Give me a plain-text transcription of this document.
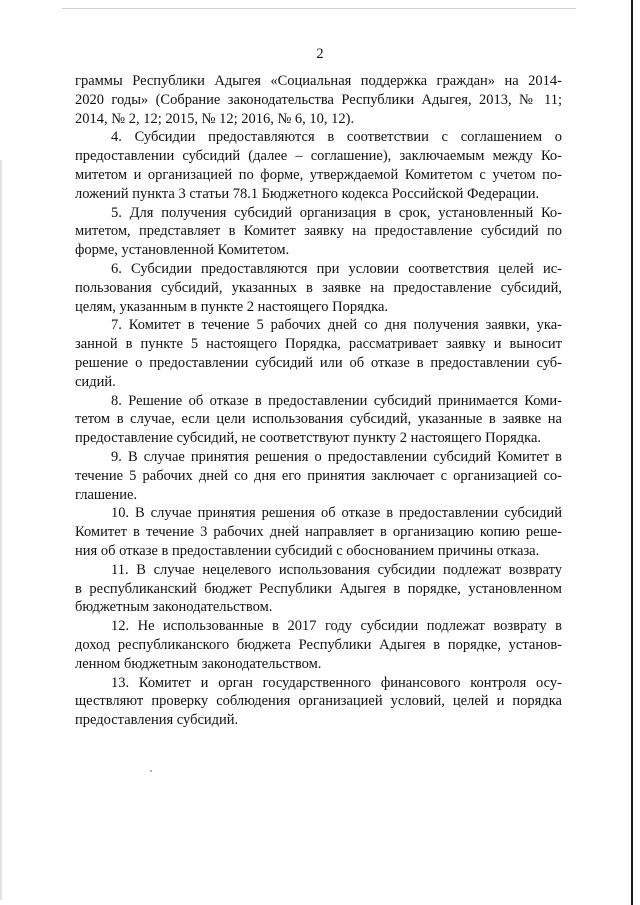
2
граммы Республики Адыгея «Социальная поддержка граждан» на 2014-
2020 годы» (Собрание законодательства Республики Адыгея, 2013, № 11;
2014, № 2, 12; 2015, № 12; 2016, № 6, 10, 12).
4. Субсидии предоставляются в соответствии с соглашением о
предоставлении субсидий (далее – соглашение), заключаемым между Ко-
митетом и организацией по форме, утверждаемой Комитетом с учетом по-
ложений пункта 3 статьи 78.1 Бюджетного кодекса Российской Федерации.
5. Для получения субсидий организация в срок, установленный Ко-
митетом, представляет в Комитет заявку на предоставление субсидий по
форме, установленной Комитетом.
6. Субсидии предоставляются при условии соответствия целей ис-
пользования субсидий, указанных в заявке на предоставление субсидий,
целям, указанным в пункте 2 настоящего Порядка.
7. Комитет в течение 5 рабочих дней со дня получения заявки, ука-
занной в пункте 5 настоящего Порядка, рассматривает заявку и выносит
решение о предоставлении субсидий или об отказе в предоставлении суб-
сидий.
8. Решение об отказе в предоставлении субсидий принимается Коми-
тетом в случае, если цели использования субсидий, указанные в заявке на
предоставление субсидий, не соответствуют пункту 2 настоящего Порядка.
9. В случае принятия решения о предоставлении субсидий Комитет в
течение 5 рабочих дней со дня его принятия заключает с организацией со-
глашение.
10. В случае принятия решения об отказе в предоставлении субсидий
Комитет в течение 3 рабочих дней направляет в организацию копию реше-
ния об отказе в предоставлении субсидий с обоснованием причины отказа.
11. В случае нецелевого использования субсидии подлежат возврату
в республиканский бюджет Республики Адыгея в порядке, установленном
бюджетным законодательством.
12. Не использованные в 2017 году субсидии подлежат возврату в
доход республиканского бюджета Республики Адыгея в порядке, установ-
ленном бюджетным законодательством.
13. Комитет и орган государственного финансового контроля осу-
ществляют проверку соблюдения организацией условий, целей и порядка
предоставления субсидий.
